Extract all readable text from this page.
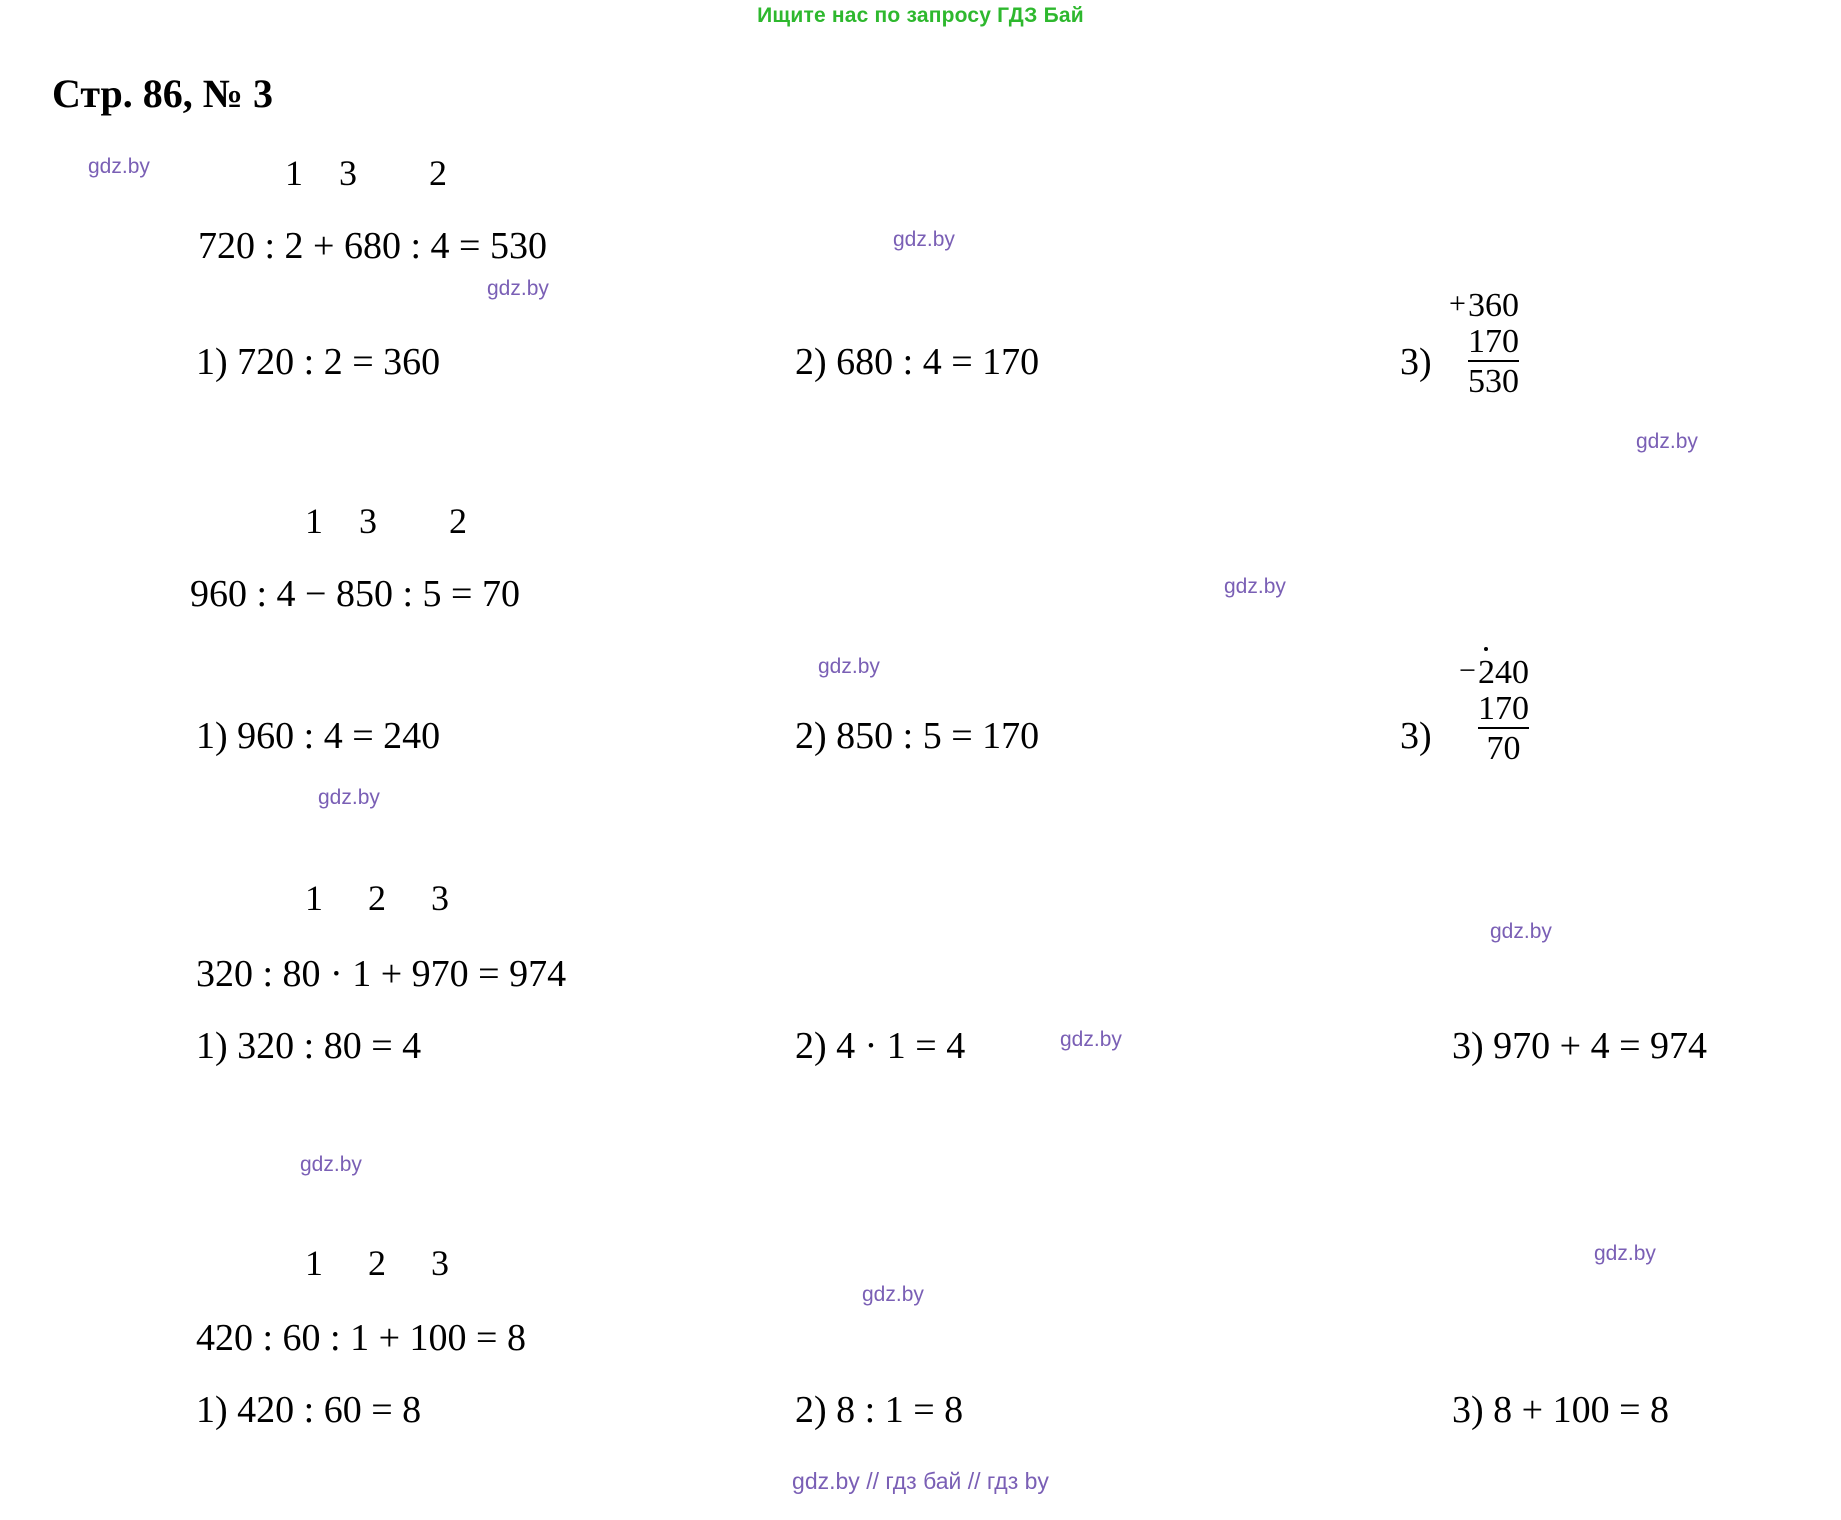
Ищите нас по запросу ГДЗ Бай
Стр. 86, № 3
1    3        2
720 : 2 + 680 : 4 = 530
1) 720 : 2 = 360	2) 680 : 4 = 170	3)
+ 360
170
530
1    3        2
960 : 4 − 850 : 5 = 70
1) 960 : 4 = 240	2) 850 : 5 = 170	3)
− 240
170
70
1     2     3
320 : 80 · 1 + 970 = 974
1) 320 : 80 = 4	2) 4 · 1 = 4	3) 970 + 4 = 974
1     2     3
420 : 60 : 1 + 100 = 8
1) 420 : 60 = 8	2) 8 : 1 = 8	3) 8 + 100 = 8
gdz.by
gdz.by
gdz.by
gdz.by
gdz.by
gdz.by
gdz.by
gdz.by
gdz.by
gdz.by
gdz.by
gdz.by
gdz.by // гдз бай // гдз by
